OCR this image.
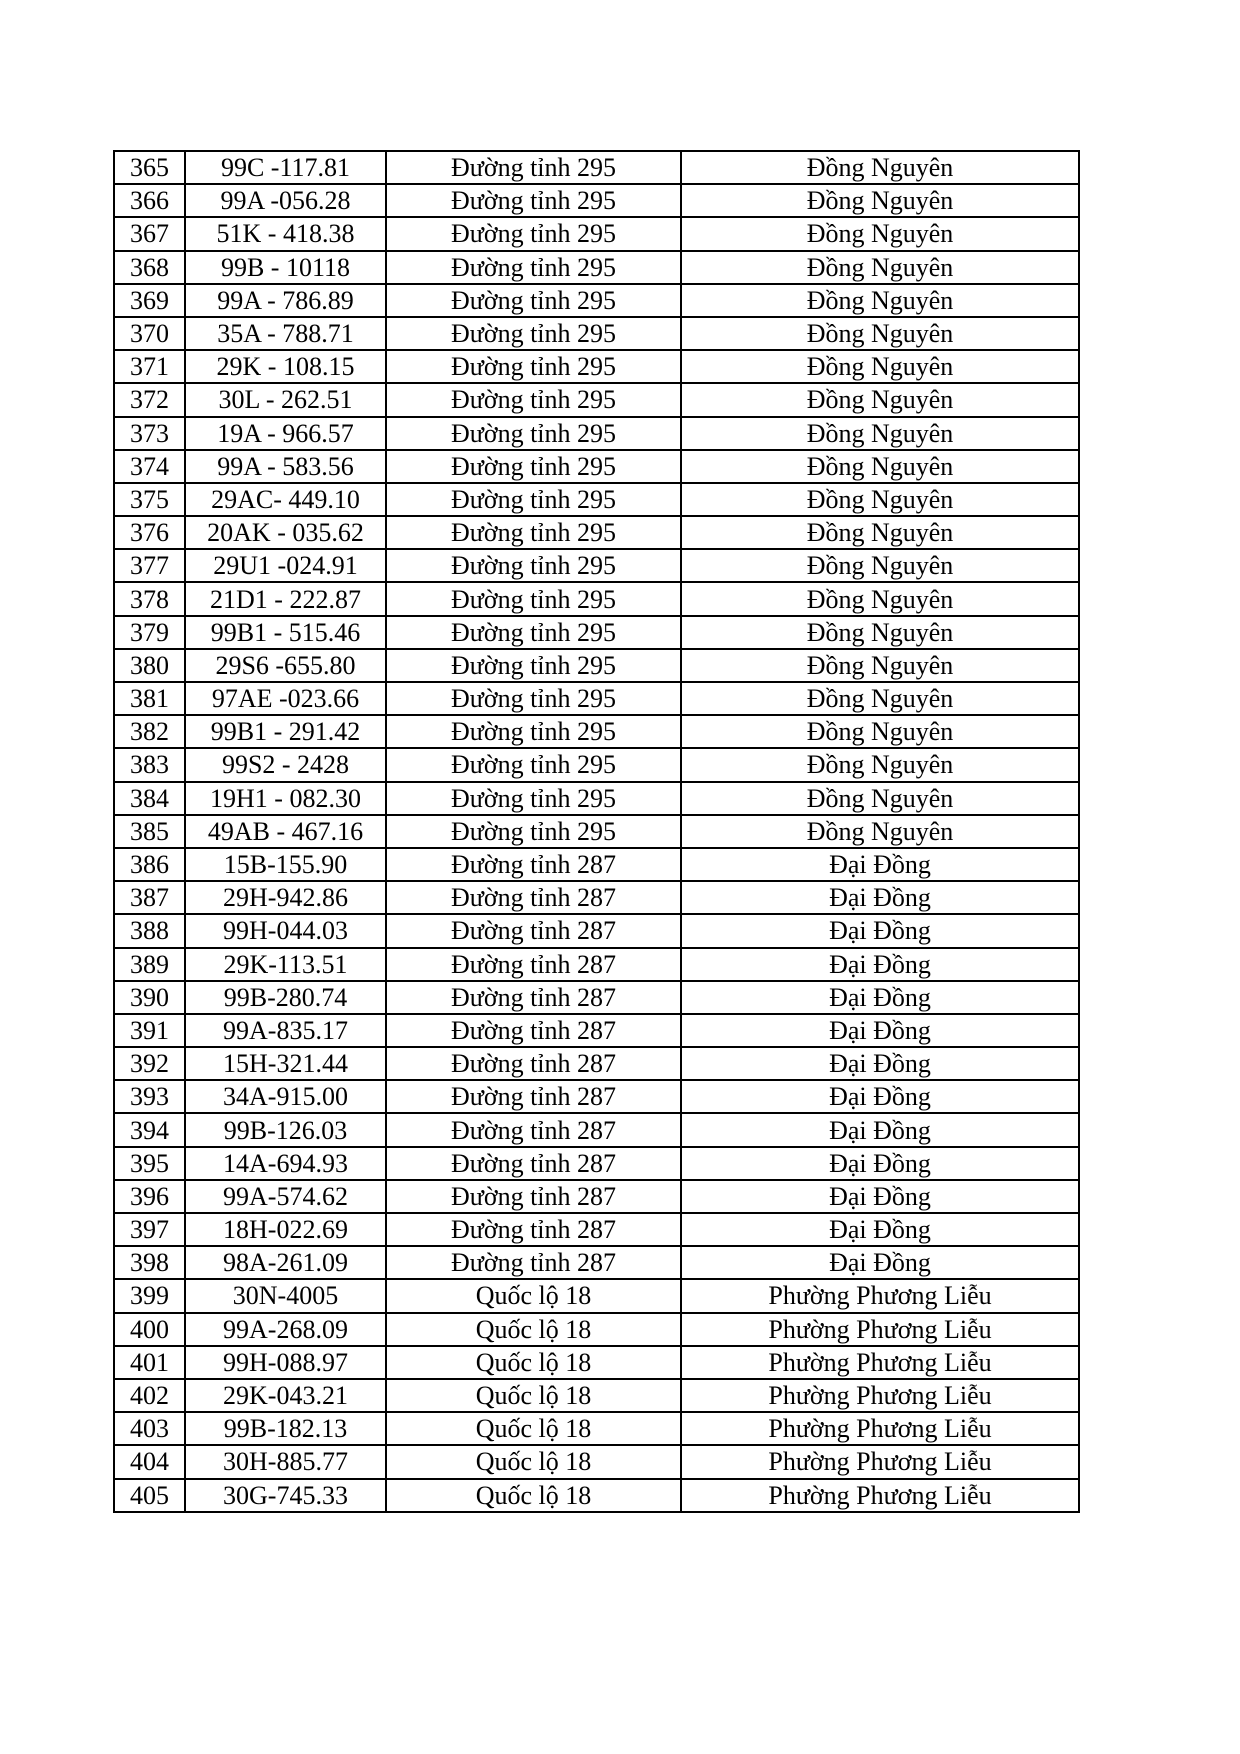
365	99C -117.81	Đường tỉnh 295	Đồng Nguyên
366	99A -056.28	Đường tỉnh 295	Đồng Nguyên
367	51K - 418.38	Đường tỉnh 295	Đồng Nguyên
368	99B - 10118	Đường tỉnh 295	Đồng Nguyên
369	99A - 786.89	Đường tỉnh 295	Đồng Nguyên
370	35A - 788.71	Đường tỉnh 295	Đồng Nguyên
371	29K - 108.15	Đường tỉnh 295	Đồng Nguyên
372	30L - 262.51	Đường tỉnh 295	Đồng Nguyên
373	19A - 966.57	Đường tỉnh 295	Đồng Nguyên
374	99A - 583.56	Đường tỉnh 295	Đồng Nguyên
375	29AC- 449.10	Đường tỉnh 295	Đồng Nguyên
376	20AK - 035.62	Đường tỉnh 295	Đồng Nguyên
377	29U1 -024.91	Đường tỉnh 295	Đồng Nguyên
378	21D1 - 222.87	Đường tỉnh 295	Đồng Nguyên
379	99B1 - 515.46	Đường tỉnh 295	Đồng Nguyên
380	29S6 -655.80	Đường tỉnh 295	Đồng Nguyên
381	97AE -023.66	Đường tỉnh 295	Đồng Nguyên
382	99B1 - 291.42	Đường tỉnh 295	Đồng Nguyên
383	99S2 - 2428	Đường tỉnh 295	Đồng Nguyên
384	19H1 - 082.30	Đường tỉnh 295	Đồng Nguyên
385	49AB - 467.16	Đường tỉnh 295	Đồng Nguyên
386	15B-155.90	Đường tỉnh 287	Đại Đồng
387	29H-942.86	Đường tỉnh 287	Đại Đồng
388	99H-044.03	Đường tỉnh 287	Đại Đồng
389	29K-113.51	Đường tỉnh 287	Đại Đồng
390	99B-280.74	Đường tỉnh 287	Đại Đồng
391	99A-835.17	Đường tỉnh 287	Đại Đồng
392	15H-321.44	Đường tỉnh 287	Đại Đồng
393	34A-915.00	Đường tỉnh 287	Đại Đồng
394	99B-126.03	Đường tỉnh 287	Đại Đồng
395	14A-694.93	Đường tỉnh 287	Đại Đồng
396	99A-574.62	Đường tỉnh 287	Đại Đồng
397	18H-022.69	Đường tỉnh 287	Đại Đồng
398	98A-261.09	Đường tỉnh 287	Đại Đồng
399	30N-4005	Quốc lộ 18	Phường Phương Liễu
400	99A-268.09	Quốc lộ 18	Phường Phương Liễu
401	99H-088.97	Quốc lộ 18	Phường Phương Liễu
402	29K-043.21	Quốc lộ 18	Phường Phương Liễu
403	99B-182.13	Quốc lộ 18	Phường Phương Liễu
404	30H-885.77	Quốc lộ 18	Phường Phương Liễu
405	30G-745.33	Quốc lộ 18	Phường Phương Liễu
